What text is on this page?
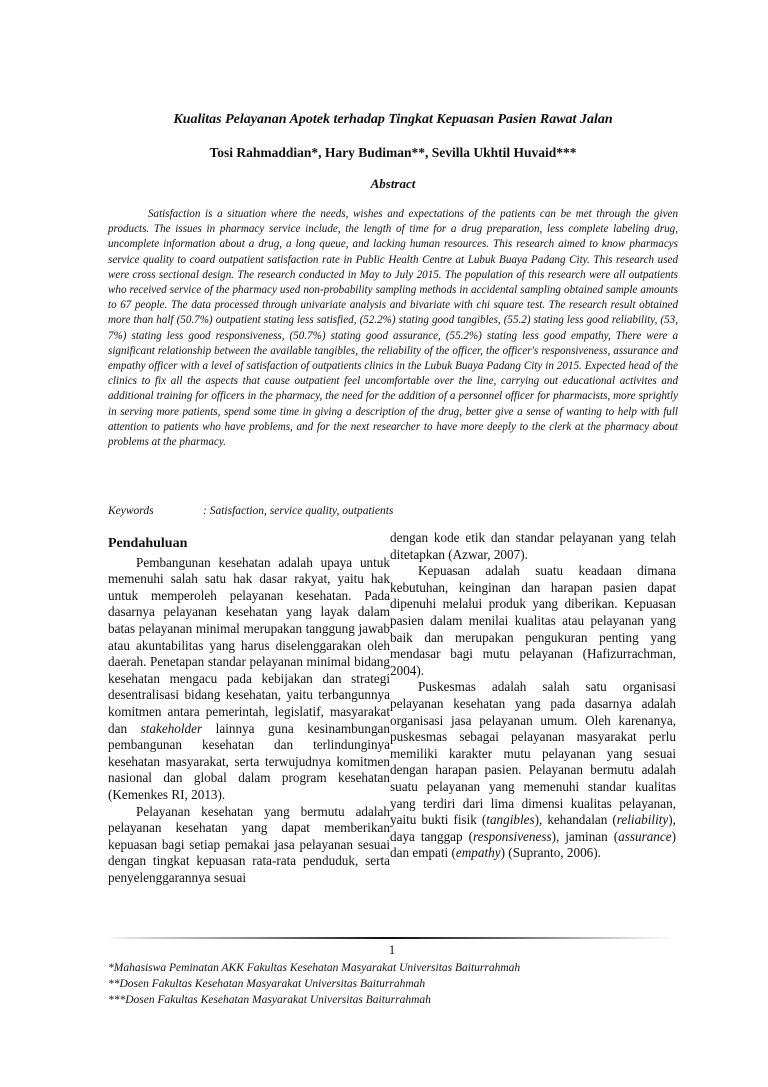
Kualitas Pelayanan Apotek terhadap Tingkat Kepuasan Pasien Rawat Jalan
Tosi Rahmaddian*, Hary Budiman**, Sevilla Ukhtil Huvaid***
Abstract
Satisfaction is a situation where the needs, wishes and expectations of the patients can be met through the given products. The issues in pharmacy service include, the length of time for a drug preparation, less complete labeling drug, uncomplete information about a drug, a long queue, and lacking human resources. This research aimed to know pharmacys service quality to coard outpatient satisfaction rate in Public Health Centre at Lubuk Buaya Padang City. This research used were cross sectional design. The research conducted in May to July 2015. The population of this research were all outpatients who received service of the pharmacy used non-probability sampling methods in accidental sampling obtained sample amounts to 67 people. The data processed through univariate analysis and bivariate with chi square test. The research result obtained more than half (50.7%) outpatient stating less satisfied, (52.2%) stating good tangibles, (55.2) stating less good reliability, (53, 7%) stating less good responsiveness, (50.7%) stating good assurance, (55.2%) stating less good empathy, There were a significant relationship between the available tangibles, the reliability of the officer, the officer's responsiveness, assurance and empathy officer with a level of satisfaction of outpatients clinics in the Lubuk Buaya Padang City in 2015. Expected head of the clinics to fix all the aspects that cause outpatient feel uncomfortable over the line, carrying out educational activites and additional training for officers in the pharmacy, the need for the addition of a personnel officer for pharmacists, more sprightly in serving more patients, spend some time in giving a description of the drug, better give a sense of wanting to help with full attention to patients who have problems, and for the next researcher to have more deeply to the clerk at the pharmacy about problems at the pharmacy.
Keywords	: Satisfaction, service quality, outpatients
Pendahuluan

Pembangunan kesehatan adalah upaya untuk memenuhi salah satu hak dasar rakyat, yaitu hak untuk memperoleh pelayanan kesehatan. Pada dasarnya pelayanan kesehatan yang layak dalam batas pelayanan minimal merupakan tanggung jawab atau akuntabilitas yang harus diselenggarakan oleh daerah. Penetapan standar pelayanan minimal bidang kesehatan mengacu pada kebijakan dan strategi desentralisasi bidang kesehatan, yaitu terbangunnya komitmen antara pemerintah, legislatif, masyarakat dan stakeholder lainnya guna kesinambungan pembangunan kesehatan dan terlindunginya kesehatan masyarakat, serta terwujudnya komitmen nasional dan global dalam program kesehatan (Kemenkes RI, 2013).

Pelayanan kesehatan yang bermutu adalah pelayanan kesehatan yang dapat memberikan kepuasan bagi setiap pemakai jasa pelayanan sesuai dengan tingkat kepuasan rata-rata penduduk, serta penyelenggarannya sesuai

dengan kode etik dan standar pelayanan yang telah ditetapkan (Azwar, 2007).

Kepuasan adalah suatu keadaan dimana kebutuhan, keinginan dan harapan pasien dapat dipenuhi melalui produk yang diberikan. Kepuasan pasien dalam menilai kualitas atau pelayanan yang baik dan merupakan pengukuran penting yang mendasar bagi mutu pelayanan (Hafizurrachman, 2004).

Puskesmas adalah salah satu organisasi pelayanan kesehatan yang pada dasarnya adalah organisasi jasa pelayanan umum. Oleh karenanya, puskesmas sebagai pelayanan masyarakat perlu memiliki karakter mutu pelayanan yang sesuai dengan harapan pasien. Pelayanan bermutu adalah suatu pelayanan yang memenuhi standar kualitas yang terdiri dari lima dimensi kualitas pelayanan, yaitu bukti fisik (tangibles), kehandalan (reliability), daya tanggap (responsiveness), jaminan (assurance) dan empati (empathy) (Supranto, 2006).

1
*Mahasiswa Peminatan AKK Fakultas Kesehatan Masyarakat Universitas Baiturrahmah
**Dosen Fakultas Kesehatan Masyarakat Universitas Baiturrahmah
***Dosen Fakultas Kesehatan Masyarakat Universitas Baiturrahmah
